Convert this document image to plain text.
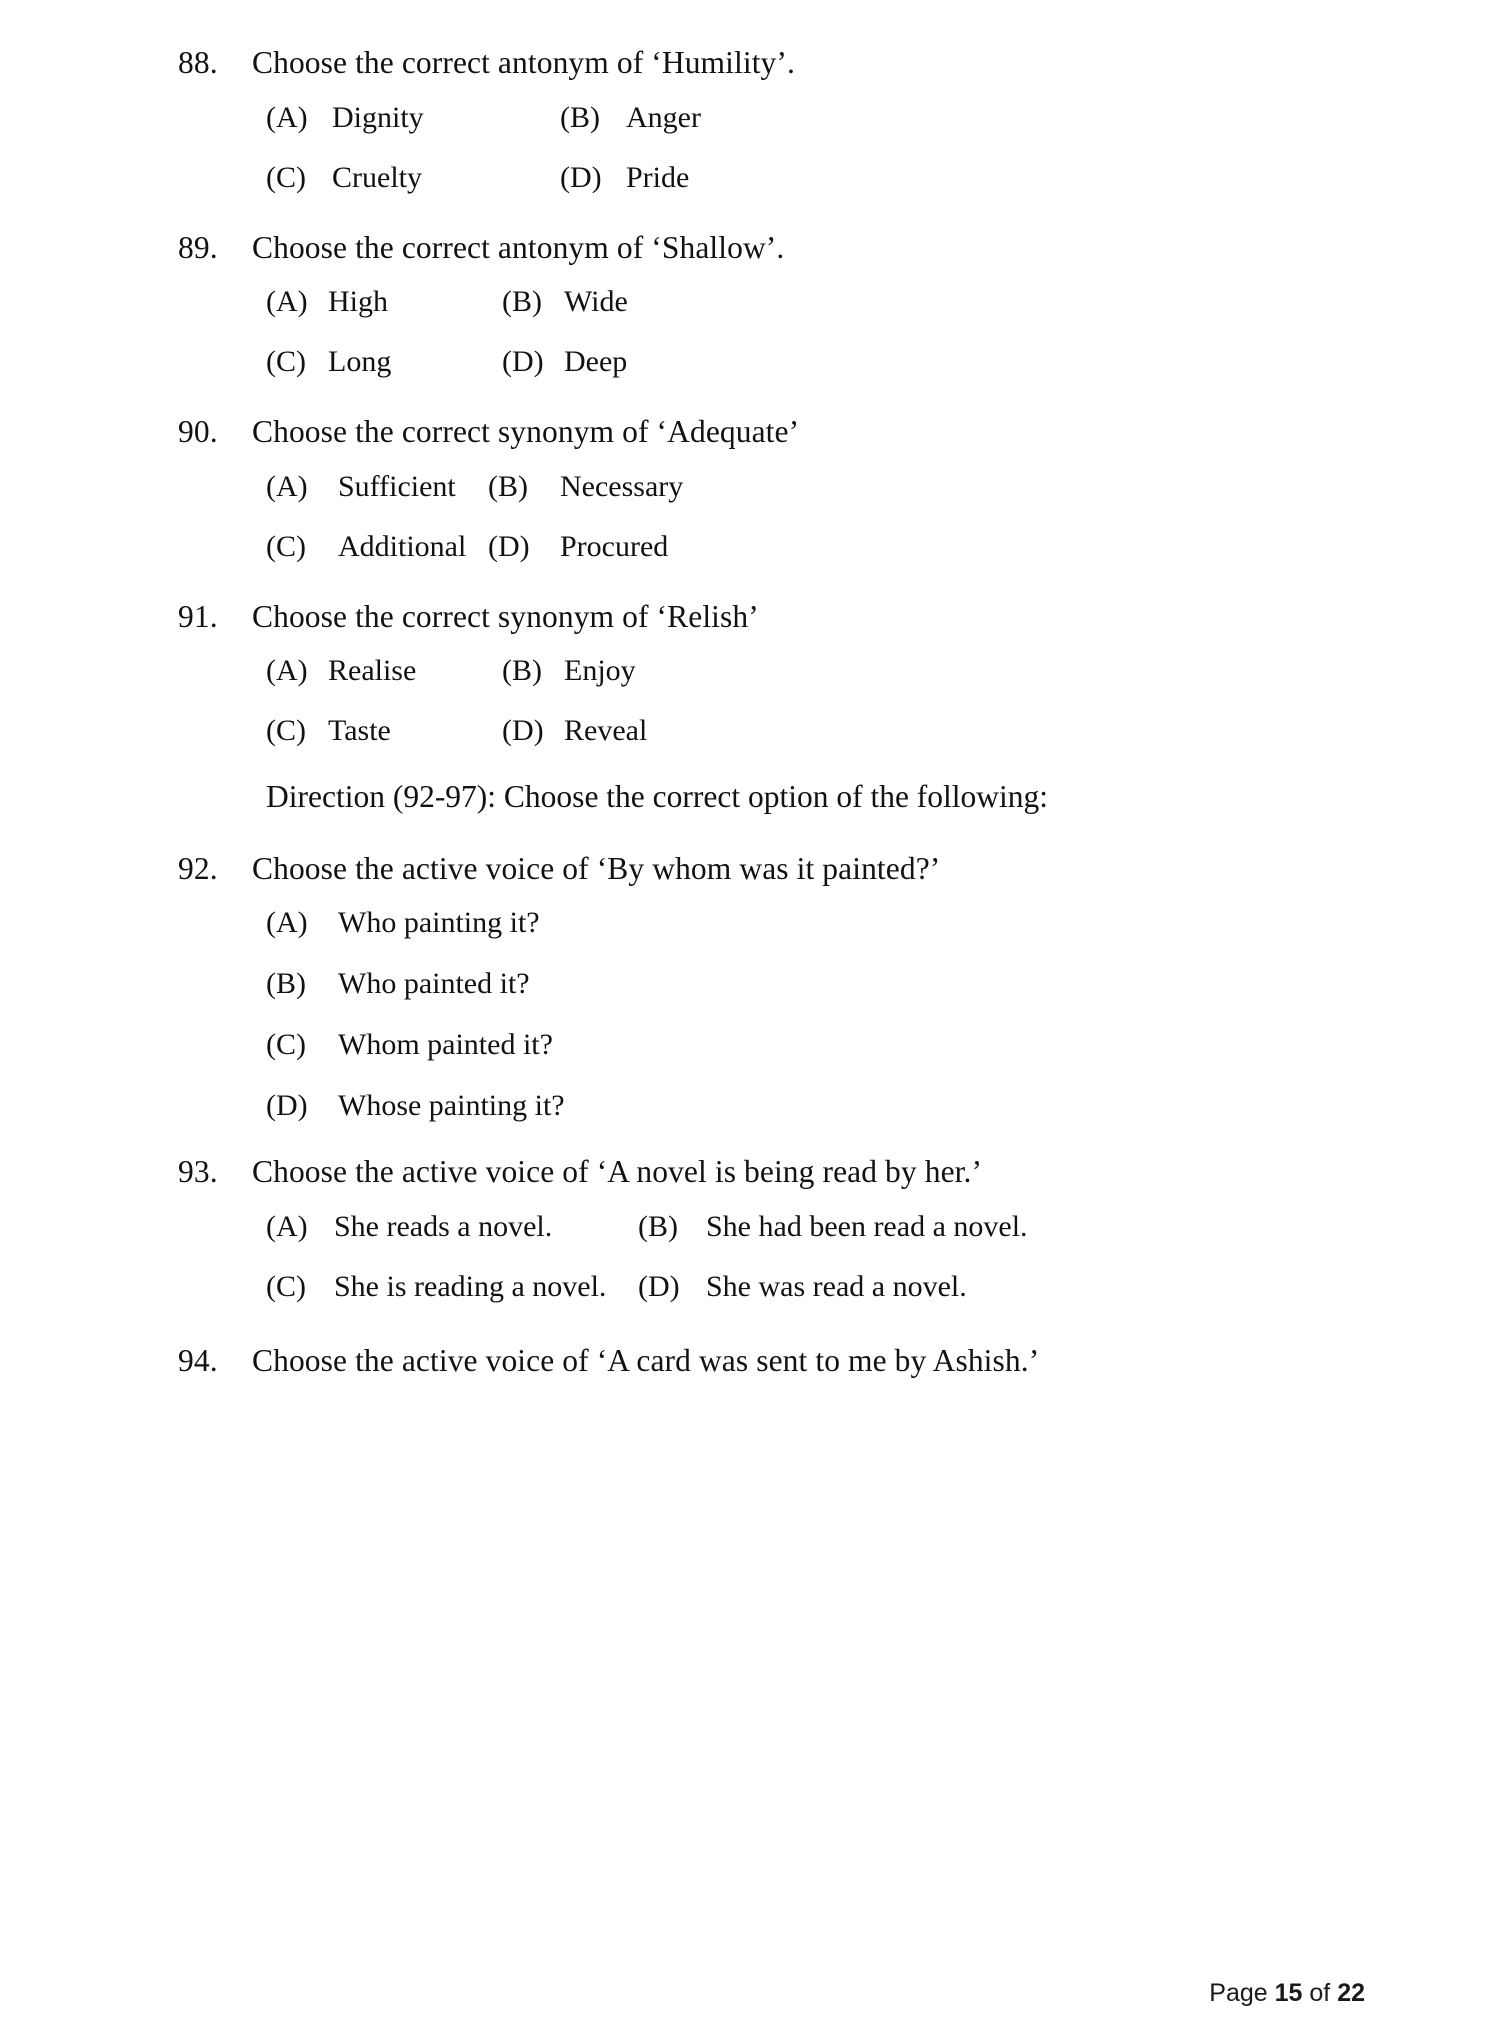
88.	Choose the correct antonym of ‘Humility’.
(A) Dignity	(B) Anger
(C) Cruelty	(D) Pride
89.	Choose the correct antonym of ‘Shallow’.
(A) High	(B) Wide
(C) Long	(D) Deep
90.	Choose the correct synonym of ‘Adequate’
(A)	Sufficient (B)	Necessary
(C)	Additional (D)	Procured
91.	Choose the correct synonym of ‘Relish’
(A) Realise	(B) Enjoy
(C) Taste	(D) Reveal
Direction (92-97): Choose the correct option of the following:
92.	Choose the active voice of ‘By whom was it painted?’
(A)	Who painting it?
(B)	Who painted it?
(C)	Whom painted it?
(D)	Whose painting it?
93.	Choose the active voice of ‘A novel is being read by her.’
(A) She reads a novel.	(B) She had been read a novel.
(C) She is reading a novel. (D) She was read a novel.
94.	Choose the active voice of ‘A card was sent to me by Ashish.’
Page 15 of 22
